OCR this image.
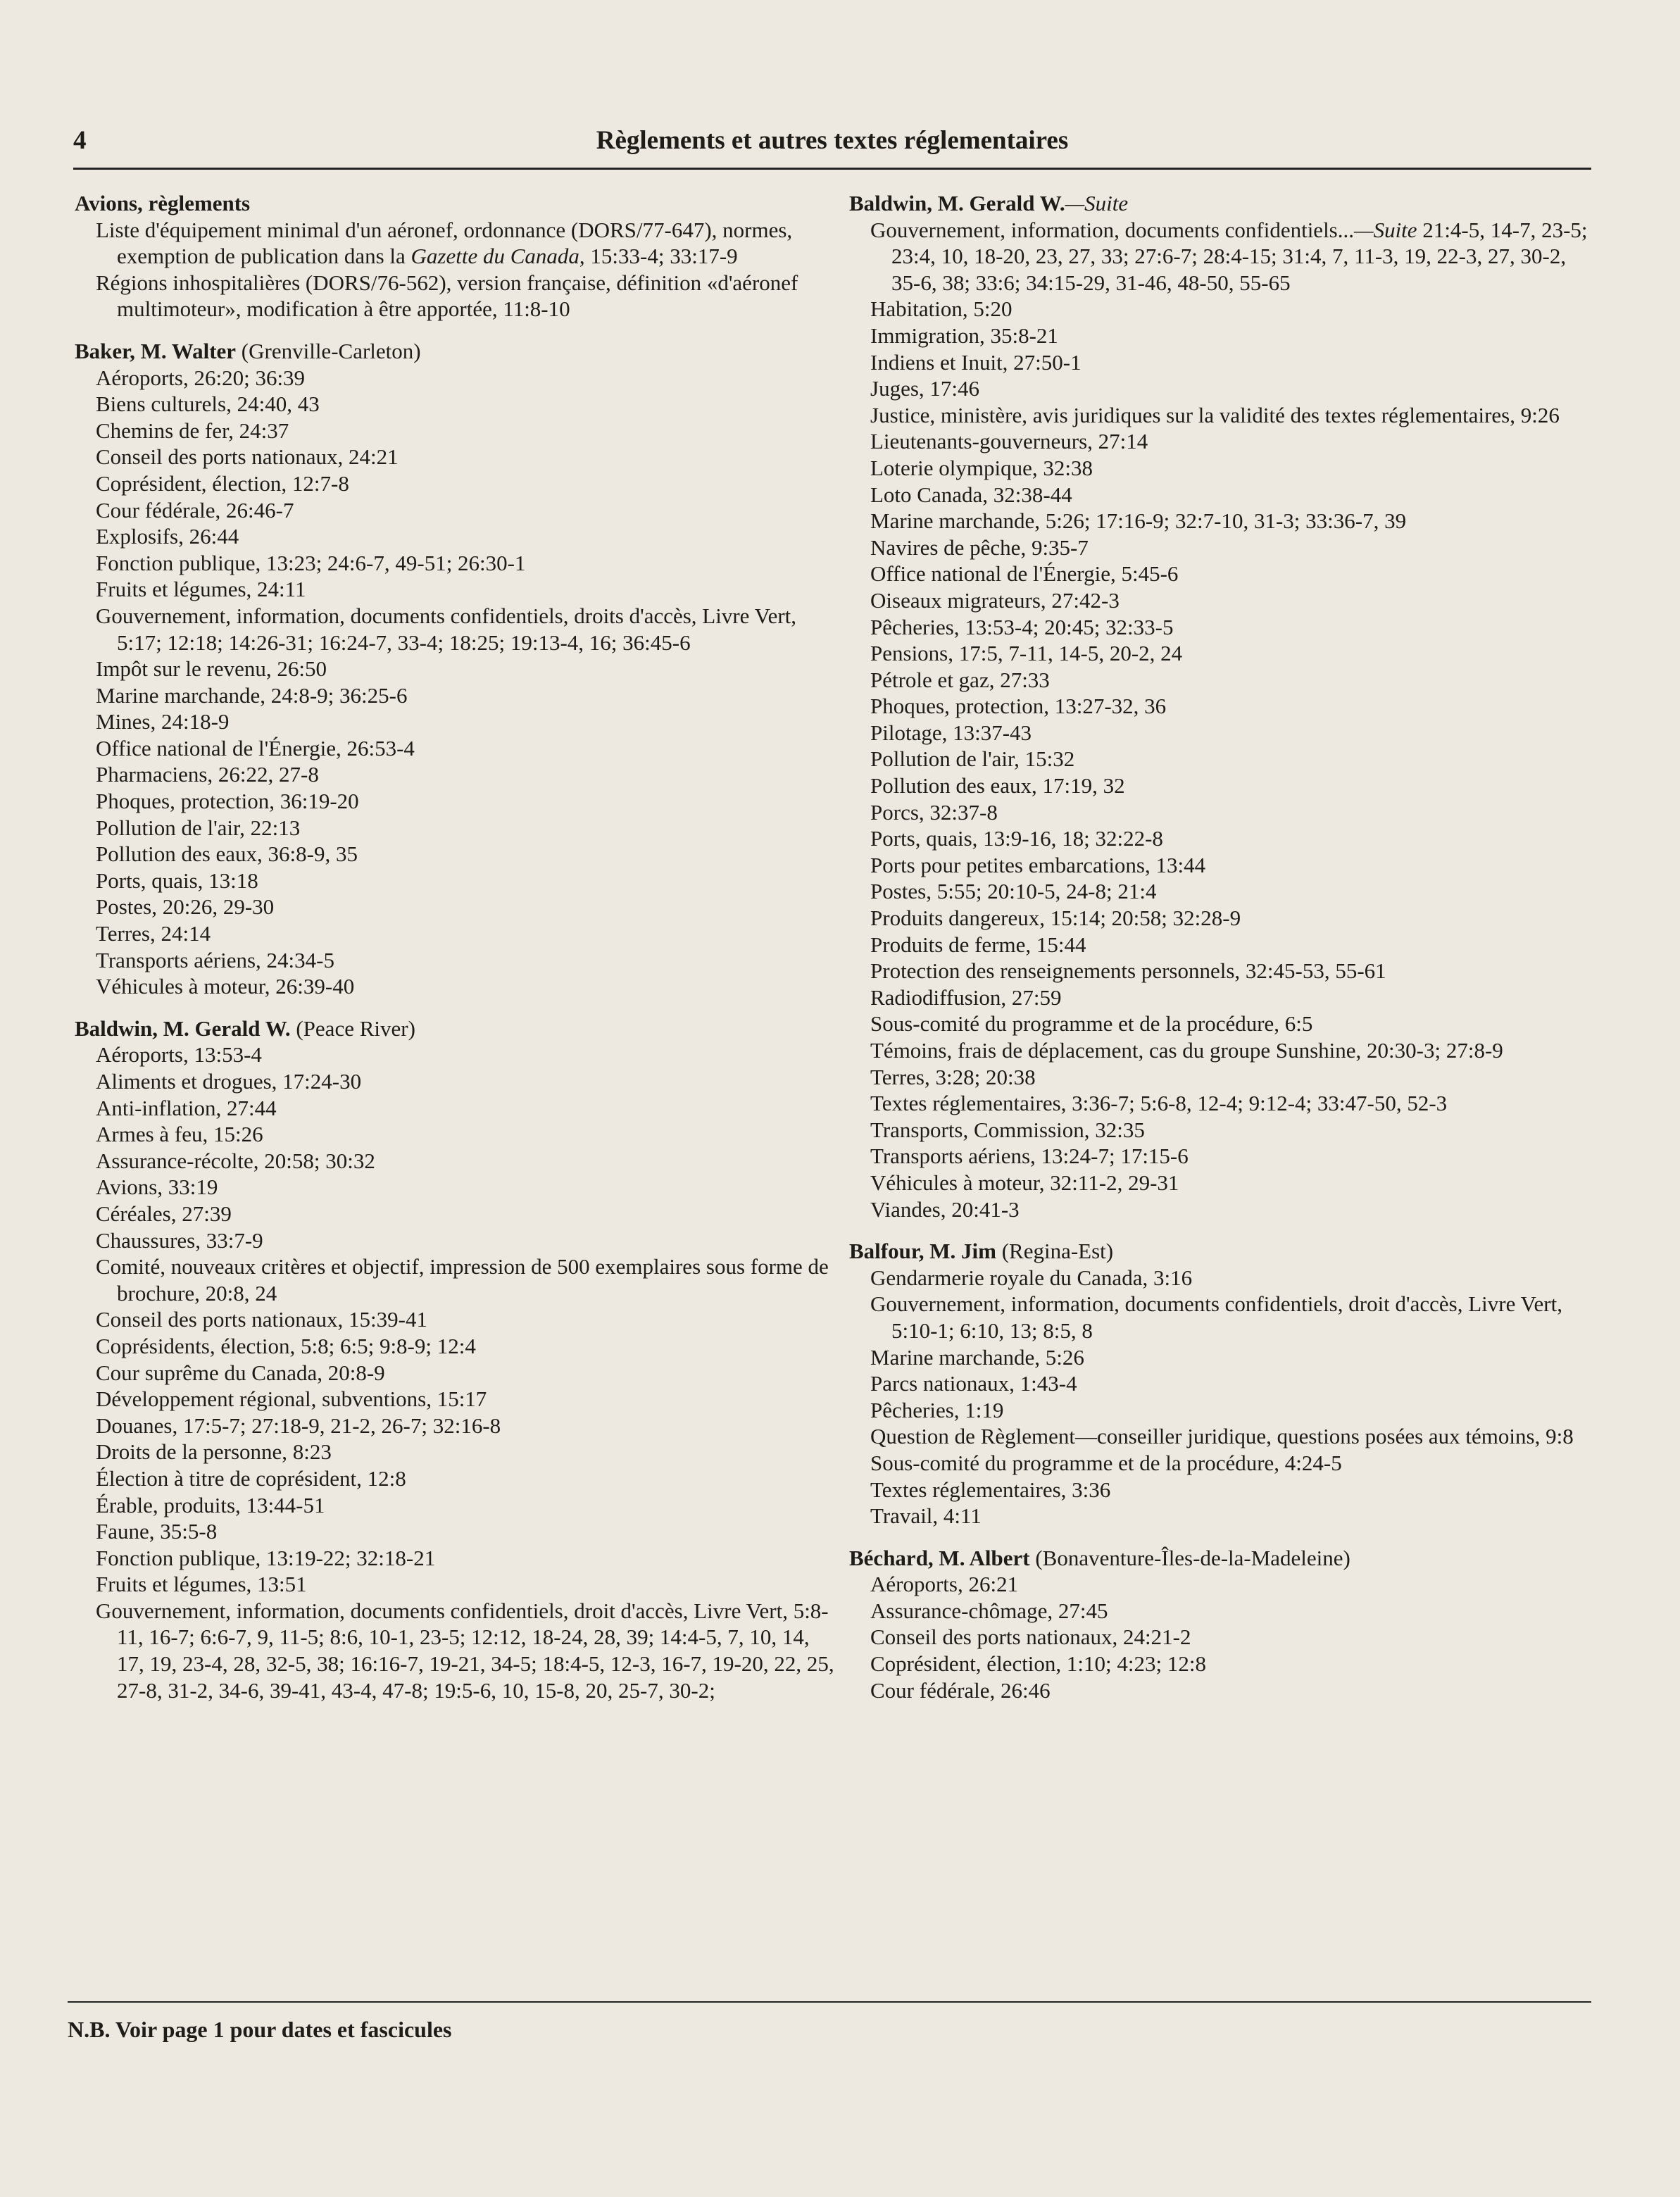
4	Règlements et autres textes réglementaires
Avions, règlements
Liste d'équipement minimal d'un aéronef, ordonnance (DORS/77-647), normes, exemption de publication dans la Gazette du Canada, 15:33-4; 33:17-9
Régions inhospitalières (DORS/76-562), version française, définition «d'aéronef multimoteur», modification à être apportée, 11:8-10
Baker, M. Walter (Grenville-Carleton)
Aéroports, 26:20; 36:39
Biens culturels, 24:40, 43
Chemins de fer, 24:37
Conseil des ports nationaux, 24:21
Coprésident, élection, 12:7-8
Cour fédérale, 26:46-7
Explosifs, 26:44
Fonction publique, 13:23; 24:6-7, 49-51; 26:30-1
Fruits et légumes, 24:11
Gouvernement, information, documents confidentiels, droits d'accès, Livre Vert, 5:17; 12:18; 14:26-31; 16:24-7, 33-4; 18:25; 19:13-4, 16; 36:45-6
Impôt sur le revenu, 26:50
Marine marchande, 24:8-9; 36:25-6
Mines, 24:18-9
Office national de l'Énergie, 26:53-4
Pharmaciens, 26:22, 27-8
Phoques, protection, 36:19-20
Pollution de l'air, 22:13
Pollution des eaux, 36:8-9, 35
Ports, quais, 13:18
Postes, 20:26, 29-30
Terres, 24:14
Transports aériens, 24:34-5
Véhicules à moteur, 26:39-40
Baldwin, M. Gerald W. (Peace River)
Aéroports, 13:53-4
Aliments et drogues, 17:24-30
Anti-inflation, 27:44
Armes à feu, 15:26
Assurance-récolte, 20:58; 30:32
Avions, 33:19
Céréales, 27:39
Chaussures, 33:7-9
Comité, nouveaux critères et objectif, impression de 500 exemplaires sous forme de brochure, 20:8, 24
Conseil des ports nationaux, 15:39-41
Coprésidents, élection, 5:8; 6:5; 9:8-9; 12:4
Cour suprême du Canada, 20:8-9
Développement régional, subventions, 15:17
Douanes, 17:5-7; 27:18-9, 21-2, 26-7; 32:16-8
Droits de la personne, 8:23
Élection à titre de coprésident, 12:8
Érable, produits, 13:44-51
Faune, 35:5-8
Fonction publique, 13:19-22; 32:18-21
Fruits et légumes, 13:51
Gouvernement, information, documents confidentiels, droit d'accès, Livre Vert, 5:8-11, 16-7; 6:6-7, 9, 11-5; 8:6, 10-1, 23-5; 12:12, 18-24, 28, 39; 14:4-5, 7, 10, 14, 17, 19, 23-4, 28, 32-5, 38; 16:16-7, 19-21, 34-5; 18:4-5, 12-3, 16-7, 19-20, 22, 25, 27-8, 31-2, 34-6, 39-41, 43-4, 47-8; 19:5-6, 10, 15-8, 20, 25-7, 30-2;
Baldwin, M. Gerald W.—Suite
Gouvernement, information, documents confidentiels...—Suite 21:4-5, 14-7, 23-5; 23:4, 10, 18-20, 23, 27, 33; 27:6-7; 28:4-15; 31:4, 7, 11-3, 19, 22-3, 27, 30-2, 35-6, 38; 33:6; 34:15-29, 31-46, 48-50, 55-65
Habitation, 5:20
Immigration, 35:8-21
Indiens et Inuit, 27:50-1
Juges, 17:46
Justice, ministère, avis juridiques sur la validité des textes réglementaires, 9:26
Lieutenants-gouverneurs, 27:14
Loterie olympique, 32:38
Loto Canada, 32:38-44
Marine marchande, 5:26; 17:16-9; 32:7-10, 31-3; 33:36-7, 39
Navires de pêche, 9:35-7
Office national de l'Énergie, 5:45-6
Oiseaux migrateurs, 27:42-3
Pêcheries, 13:53-4; 20:45; 32:33-5
Pensions, 17:5, 7-11, 14-5, 20-2, 24
Pétrole et gaz, 27:33
Phoques, protection, 13:27-32, 36
Pilotage, 13:37-43
Pollution de l'air, 15:32
Pollution des eaux, 17:19, 32
Porcs, 32:37-8
Ports, quais, 13:9-16, 18; 32:22-8
Ports pour petites embarcations, 13:44
Postes, 5:55; 20:10-5, 24-8; 21:4
Produits dangereux, 15:14; 20:58; 32:28-9
Produits de ferme, 15:44
Protection des renseignements personnels, 32:45-53, 55-61
Radiodiffusion, 27:59
Sous-comité du programme et de la procédure, 6:5
Témoins, frais de déplacement, cas du groupe Sunshine, 20:30-3; 27:8-9
Terres, 3:28; 20:38
Textes réglementaires, 3:36-7; 5:6-8, 12-4; 9:12-4; 33:47-50, 52-3
Transports, Commission, 32:35
Transports aériens, 13:24-7; 17:15-6
Véhicules à moteur, 32:11-2, 29-31
Viandes, 20:41-3
Balfour, M. Jim (Regina-Est)
Gendarmerie royale du Canada, 3:16
Gouvernement, information, documents confidentiels, droit d'accès, Livre Vert, 5:10-1; 6:10, 13; 8:5, 8
Marine marchande, 5:26
Parcs nationaux, 1:43-4
Pêcheries, 1:19
Question de Règlement—conseiller juridique, questions posées aux témoins, 9:8
Sous-comité du programme et de la procédure, 4:24-5
Textes réglementaires, 3:36
Travail, 4:11
Béchard, M. Albert (Bonaventure-Îles-de-la-Madeleine)
Aéroports, 26:21
Assurance-chômage, 27:45
Conseil des ports nationaux, 24:21-2
Coprésident, élection, 1:10; 4:23; 12:8
Cour fédérale, 26:46
N.B. Voir page 1 pour dates et fascicules
